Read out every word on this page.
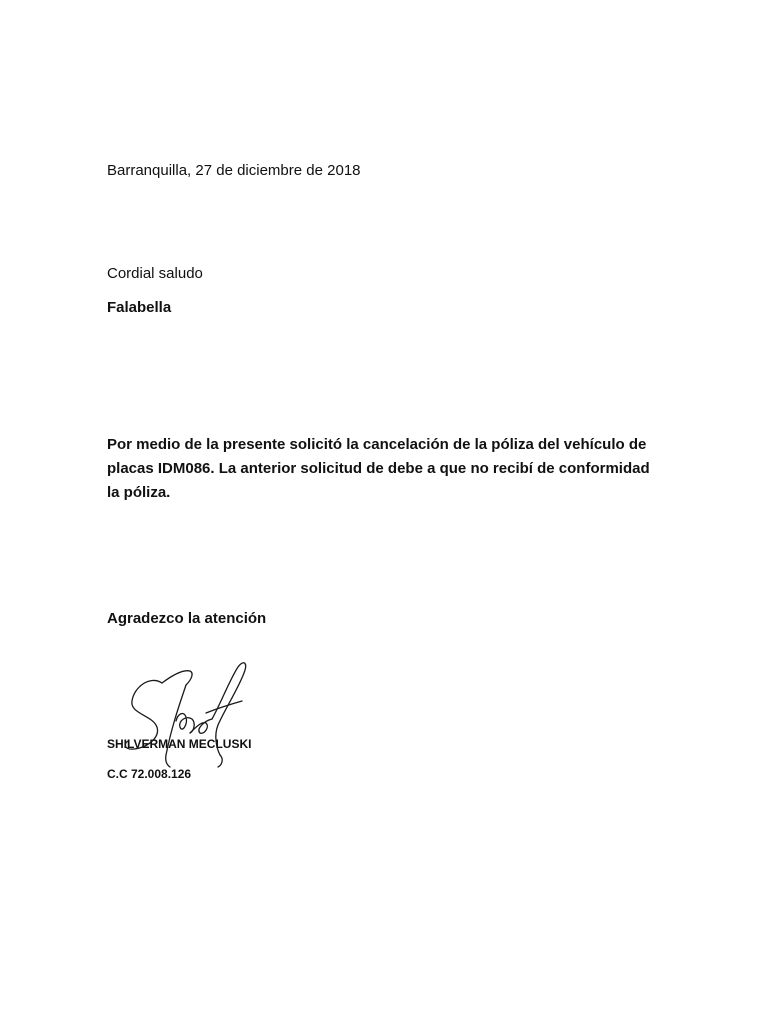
Barranquilla, 27 de diciembre de 2018

Cordial saludo

Falabella

Por medio de la presente solicitó la cancelación de la póliza del vehículo de
placas IDM086. La anterior solicitud de debe a que no recibí de conformidad
la póliza.

Agradezco la atención

SHILVERMAN MECLUSKI

C.C 72.008.126
